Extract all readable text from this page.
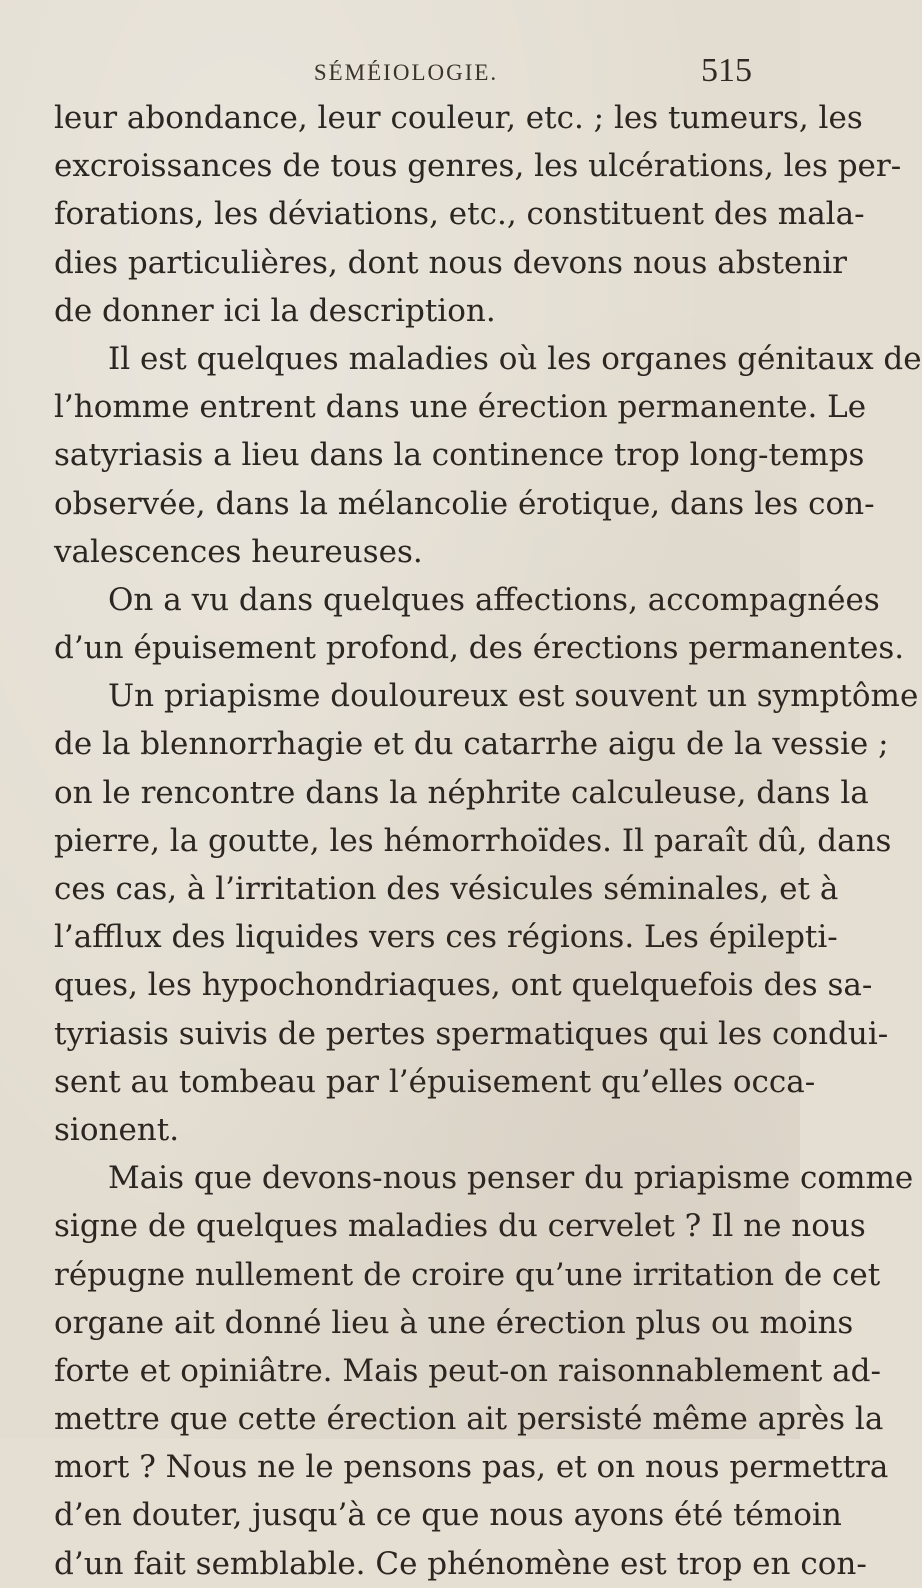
SÉMÉIOLOGIE.	515
leur abondance, leur couleur, etc. ; les tumeurs, les
excroissances de tous genres, les ulcérations, les per-
forations, les déviations, etc., constituent des mala-
dies particulières, dont nous devons nous abstenir
de donner ici la description.
Il est quelques maladies où les organes génitaux de
l’homme entrent dans une érection permanente. Le
satyriasis a lieu dans la continence trop long-temps
observée, dans la mélancolie érotique, dans les con-
valescences heureuses.
On a vu dans quelques affections, accompagnées
d’un épuisement profond, des érections permanentes.
Un priapisme douloureux est souvent un symptôme
de la blennorrhagie et du catarrhe aigu de la vessie ;
on le rencontre dans la néphrite calculeuse, dans la
pierre, la goutte, les hémorrhoïdes. Il paraît dû, dans
ces cas, à l’irritation des vésicules séminales, et à
l’afflux des liquides vers ces régions. Les épilepti-
ques, les hypochondriaques, ont quelquefois des sa-
tyriasis suivis de pertes spermatiques qui les condui-
sent au tombeau par l’épuisement qu’elles occa-
sionent.
Mais que devons-nous penser du priapisme comme
signe de quelques maladies du cervelet ? Il ne nous
répugne nullement de croire qu’une irritation de cet
organe ait donné lieu à une érection plus ou moins
forte et opiniâtre. Mais peut-on raisonnablement ad-
mettre que cette érection ait persisté même après la
mort ? Nous ne le pensons pas, et on nous permettra
d’en douter, jusqu’à ce que nous ayons été témoin
d’un fait semblable. Ce phénomène est trop en con-
